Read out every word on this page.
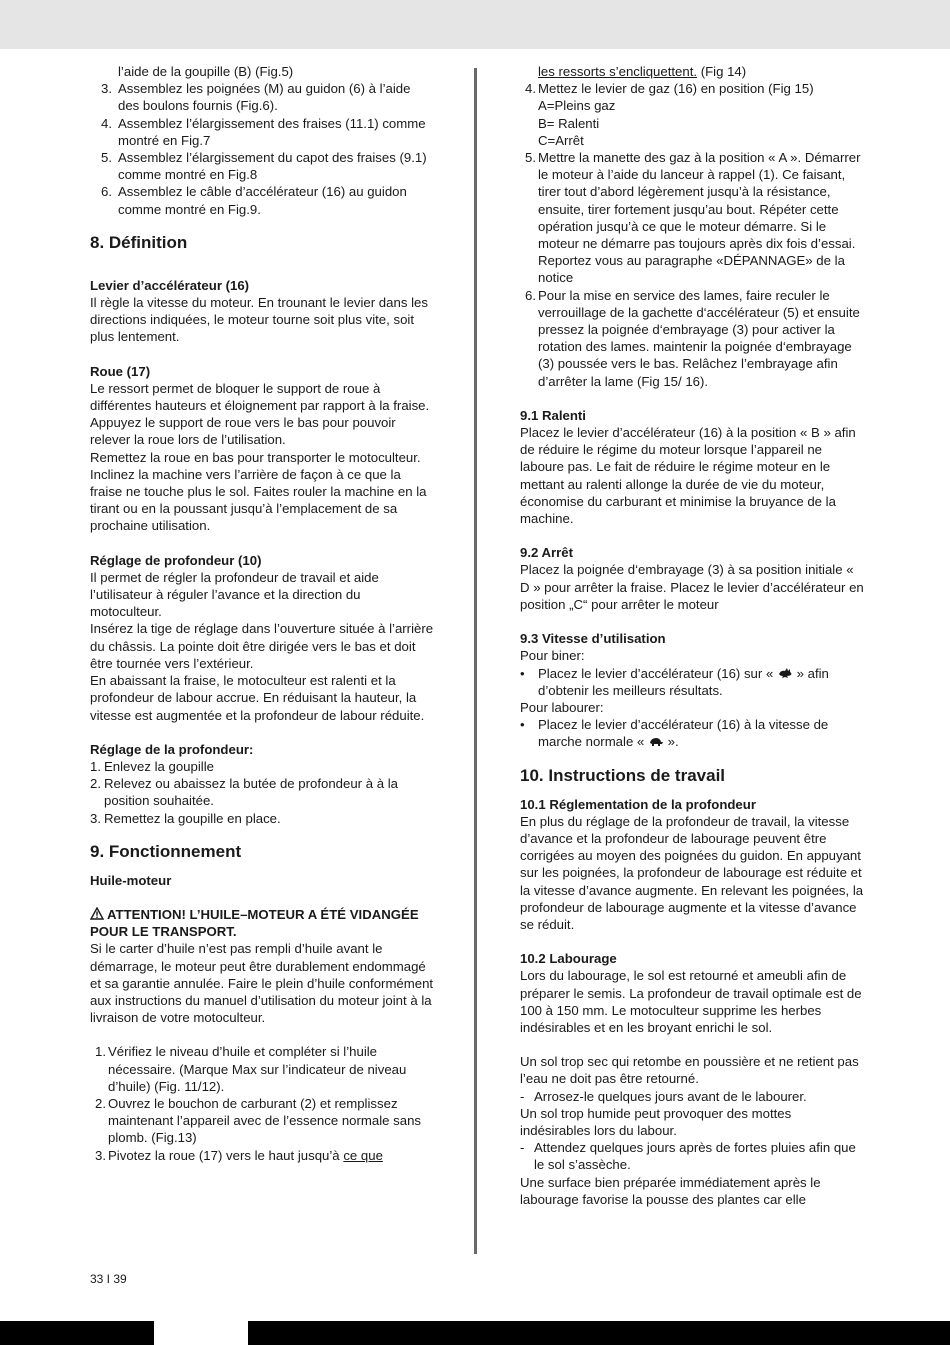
l’aide de la goupille (B) (Fig.5)
3. Assemblez les poignées (M) au guidon (6) à l’aide des boulons fournis (Fig.6).
4. Assemblez l’élargissement des fraises (11.1) comme montré en Fig.7
5. Assemblez l’élargissement du capot des fraises (9.1) comme montré en Fig.8
6. Assemblez le câble d’accélérateur (16) au guidon comme montré en Fig.9.
8. Définition

Levier d’accélérateur (16)

Il règle la vitesse du moteur. En trounant le levier dans les directions indiquées, le moteur tourne soit plus vite, soit plus lentement.

Roue (17)

Le ressort permet de bloquer le support de roue à différentes hauteurs et éloignement par rapport à la fraise. Appuyez le support de roue vers le bas pour pouvoir relever la roue lors de l’utilisation.

Remettez la roue en bas pour transporter le motoculteur. Inclinez la machine vers l’arrière de façon à ce que la fraise ne touche plus le sol. Faites rouler la machine en la tirant ou en la poussant jusqu’à l’emplacement de sa prochaine utilisation.

Réglage de profondeur (10)

Il permet de régler la profondeur de travail et aide l’utilisateur à réguler l’avance et la direction du motoculteur.

Insérez la tige de réglage dans l’ouverture située à l’arrière du châssis. La pointe doit être dirigée vers le bas et doit être tournée vers l’extérieur.

En abaissant la fraise, le motoculteur est ralenti et la profondeur de labour accrue. En réduisant la hauteur, la vitesse est augmentée et la profondeur de labour réduite.

Réglage de la profondeur:

1. Enlevez la goupille
2. Relevez ou abaissez la butée de profondeur à à la position souhaitée.
3. Remettez la goupille en place.
9. Fonctionnement

Huile-moteur

ATTENTION! L’HUILE–MOTEUR A ÉTÉ VIDANGÉE POUR LE TRANSPORT.

Si le carter d’huile n’est pas rempli d’huile avant le démarrage, le moteur peut être durablement endommagé et sa garantie annulée. Faire le plein d’huile conformément aux instructions du manuel d’utilisation du moteur joint à la livraison de votre motoculteur.

1. Vérifiez le niveau d’huile et compléter si l’huile nécessaire. (Marque Max sur l’indicateur de niveau d’huile) (Fig. 11/12).
2. Ouvrez le bouchon de carburant (2) et remplissez maintenant l’appareil avec de l’essence normale sans plomb. (Fig.13)
3. Pivotez la roue (17) vers le haut jusqu’à ce que
les ressorts s’encliquettent. (Fig 14)
4. Mettez le levier de gaz (16) en position (Fig 15)
A=Pleins gaz
B= Ralenti
C=Arrêt
5. Mettre la manette des gaz à la position « A ». Démarrer le moteur à l’aide du lanceur à rappel (1). Ce faisant, tirer tout d’abord légèrement jusqu’à la résistance, ensuite, tirer fortement jusqu’au bout. Répéter cette opération jusqu’à ce que le moteur démarre. Si le moteur ne démarre pas toujours après dix fois d’essai. Reportez vous au paragraphe «DÉPANNAGE» de la notice
6. Pour la mise en service des lames, faire reculer le verrouillage de la gachette d‘accélérateur (5) et ensuite pressez la poignée d‘embrayage (3) pour activer la rotation des lames. maintenir la poignée d‘embrayage (3) poussée vers le bas. Relâchez l’embrayage afin d’arrêter la lame (Fig 15/ 16).

9.1 Ralenti

Placez le levier d’accélérateur (16) à la position « B » afin de réduire le régime du moteur lorsque l’appareil ne laboure pas. Le fait de réduire le régime moteur en le mettant au ralenti allonge la durée de vie du moteur, économise du carburant et minimise la bruyance de la machine.

9.2 Arrêt

Placez la poignée d‘embrayage (3) à sa position initiale « D » pour arrêter la fraise. Placez le levier d’accélérateur en position „C“ pour arrêter le moteur

9.3 Vitesse d’utilisation

Pour biner:

•	Placez le levier d’accélérateur (16) sur «  » afin d’obtenir les meilleurs résultats.

Pour labourer:

•	Placez le levier d’accélérateur (16) à la vitesse de marche normale «  ».
10. Instructions de travail

10.1 Réglementation de la profondeur

En plus du réglage de la profondeur de travail, la vitesse d’avance et la profondeur de labourage peuvent être corrigées au moyen des poignées du guidon. En appuyant sur les poignées, la profondeur de labourage est réduite et la vitesse d’avance augmente. En relevant les poignées, la profondeur de labourage augmente et la vitesse d’avance se réduit.

10.2 Labourage

Lors du labourage, le sol est retourné et ameubli afin de préparer le semis. La profondeur de travail optimale est de 100 à 150 mm. Le motoculteur supprime les herbes indésirables et en les broyant enrichi le sol.

Un sol trop sec qui retombe en poussière et ne retient pas l’eau ne doit pas être retourné.

- Arrosez-le quelques jours avant de le labourer.

Un sol trop humide peut provoquer des mottes indésirables lors du labour.

- Attendez quelques jours après de fortes pluies afin que le sol s’assèche.

Une surface bien préparée immédiatement après le labourage favorise la pousse des plantes car elle

33 I 39
